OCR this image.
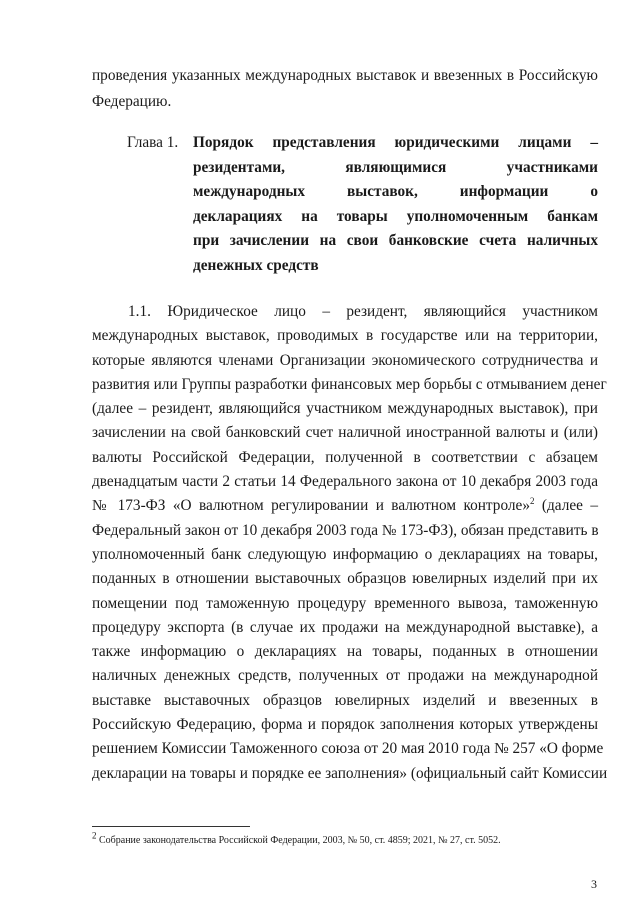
проведения указанных международных выставок и ввезенных в Российскую
Федерацию.
Глава 1. Порядок представления юридическими лицами –
резидентами, являющимися участниками
международных выставок, информации о
декларациях на товары уполномоченным банкам
при зачислении на свои банковские счета наличных
денежных средств
1.1. Юридическое лицо – резидент, являющийся участником
международных выставок, проводимых в государстве или на территории,
которые являются членами Организации экономического сотрудничества и
развития или Группы разработки финансовых мер борьбы с отмыванием денег
(далее – резидент, являющийся участником международных выставок), при
зачислении на свой банковский счет наличной иностранной валюты и (или)
валюты Российской Федерации, полученной в соответствии с абзацем
двенадцатым части 2 статьи 14 Федерального закона от 10 декабря 2003 года
№ 173-ФЗ «О валютном регулировании и валютном контроле»$^2$ (далее –
Федеральный закон от 10 декабря 2003 года № 173-ФЗ), обязан представить в
уполномоченный банк следующую информацию о декларациях на товары,
поданных в отношении выставочных образцов ювелирных изделий при их
помещении под таможенную процедуру временного вывоза, таможенную
процедуру экспорта (в случае их продажи на международной выставке), а
также информацию о декларациях на товары, поданных в отношении
наличных денежных средств, полученных от продажи на международной
выставке выставочных образцов ювелирных изделий и ввезенных в
Российскую Федерацию, форма и порядок заполнения которых утверждены
решением Комиссии Таможенного союза от 20 мая 2010 года № 257 «О форме
декларации на товары и порядке ее заполнения» (официальный сайт Комиссии
$^2$ Собрание законодательства Российской Федерации, 2003, № 50, ст. 4859; 2021, № 27, ст. 5052.
3
